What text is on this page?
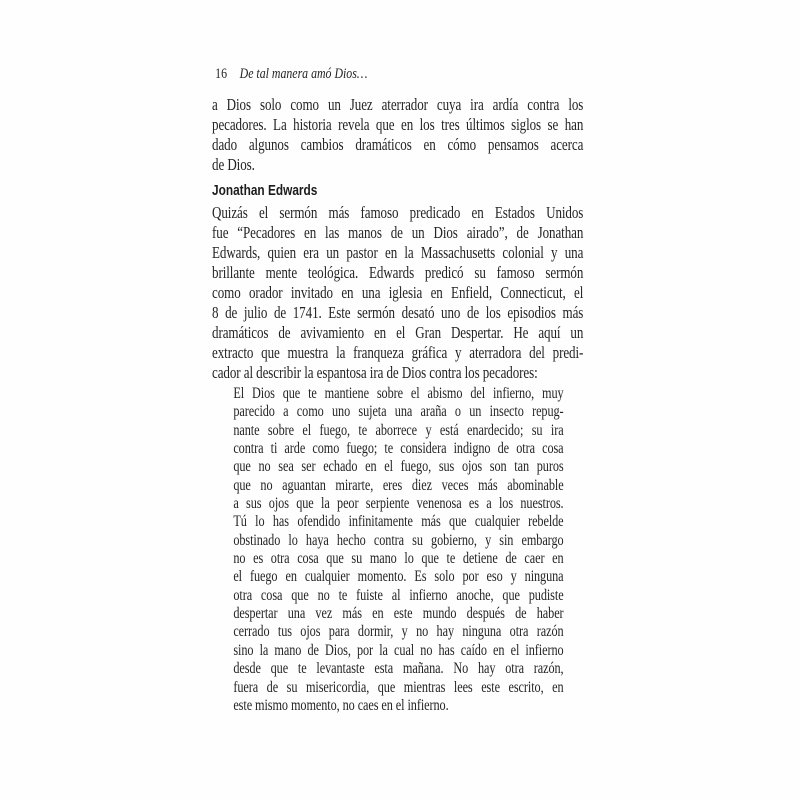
16 De tal manera amó Dios…
a Dios solo como un Juez aterrador cuya ira ardía contra los
pecadores. La historia revela que en los tres últimos siglos se han
dado algunos cambios dramáticos en cómo pensamos acerca
de Dios.
Jonathan Edwards
Quizás el sermón más famoso predicado en Estados Unidos
fue “Pecadores en las manos de un Dios airado”, de Jonathan
Edwards, quien era un pastor en la Massachusetts colonial y una
brillante mente teológica. Edwards predicó su famoso sermón
como orador invitado en una iglesia en Enfield, Connecticut, el
8 de julio de 1741. Este sermón desató uno de los episodios más
dramáticos de avivamiento en el Gran Despertar. He aquí un
extracto que muestra la franqueza gráfica y aterradora del predi-
cador al describir la espantosa ira de Dios contra los pecadores:
El Dios que te mantiene sobre el abismo del infierno, muy
parecido a como uno sujeta una araña o un insecto repug-
nante sobre el fuego, te aborrece y está enardecido; su ira
contra ti arde como fuego; te considera indigno de otra cosa
que no sea ser echado en el fuego, sus ojos son tan puros
que no aguantan mirarte, eres diez veces más abominable
a sus ojos que la peor serpiente venenosa es a los nuestros.
Tú lo has ofendido infinitamente más que cualquier rebelde
obstinado lo haya hecho contra su gobierno, y sin embargo
no es otra cosa que su mano lo que te detiene de caer en
el fuego en cualquier momento. Es solo por eso y ninguna
otra cosa que no te fuiste al infierno anoche, que pudiste
despertar una vez más en este mundo después de haber
cerrado tus ojos para dormir, y no hay ninguna otra razón
sino la mano de Dios, por la cual no has caído en el infierno
desde que te levantaste esta mañana. No hay otra razón,
fuera de su misericordia, que mientras lees este escrito, en
este mismo momento, no caes en el infierno.
